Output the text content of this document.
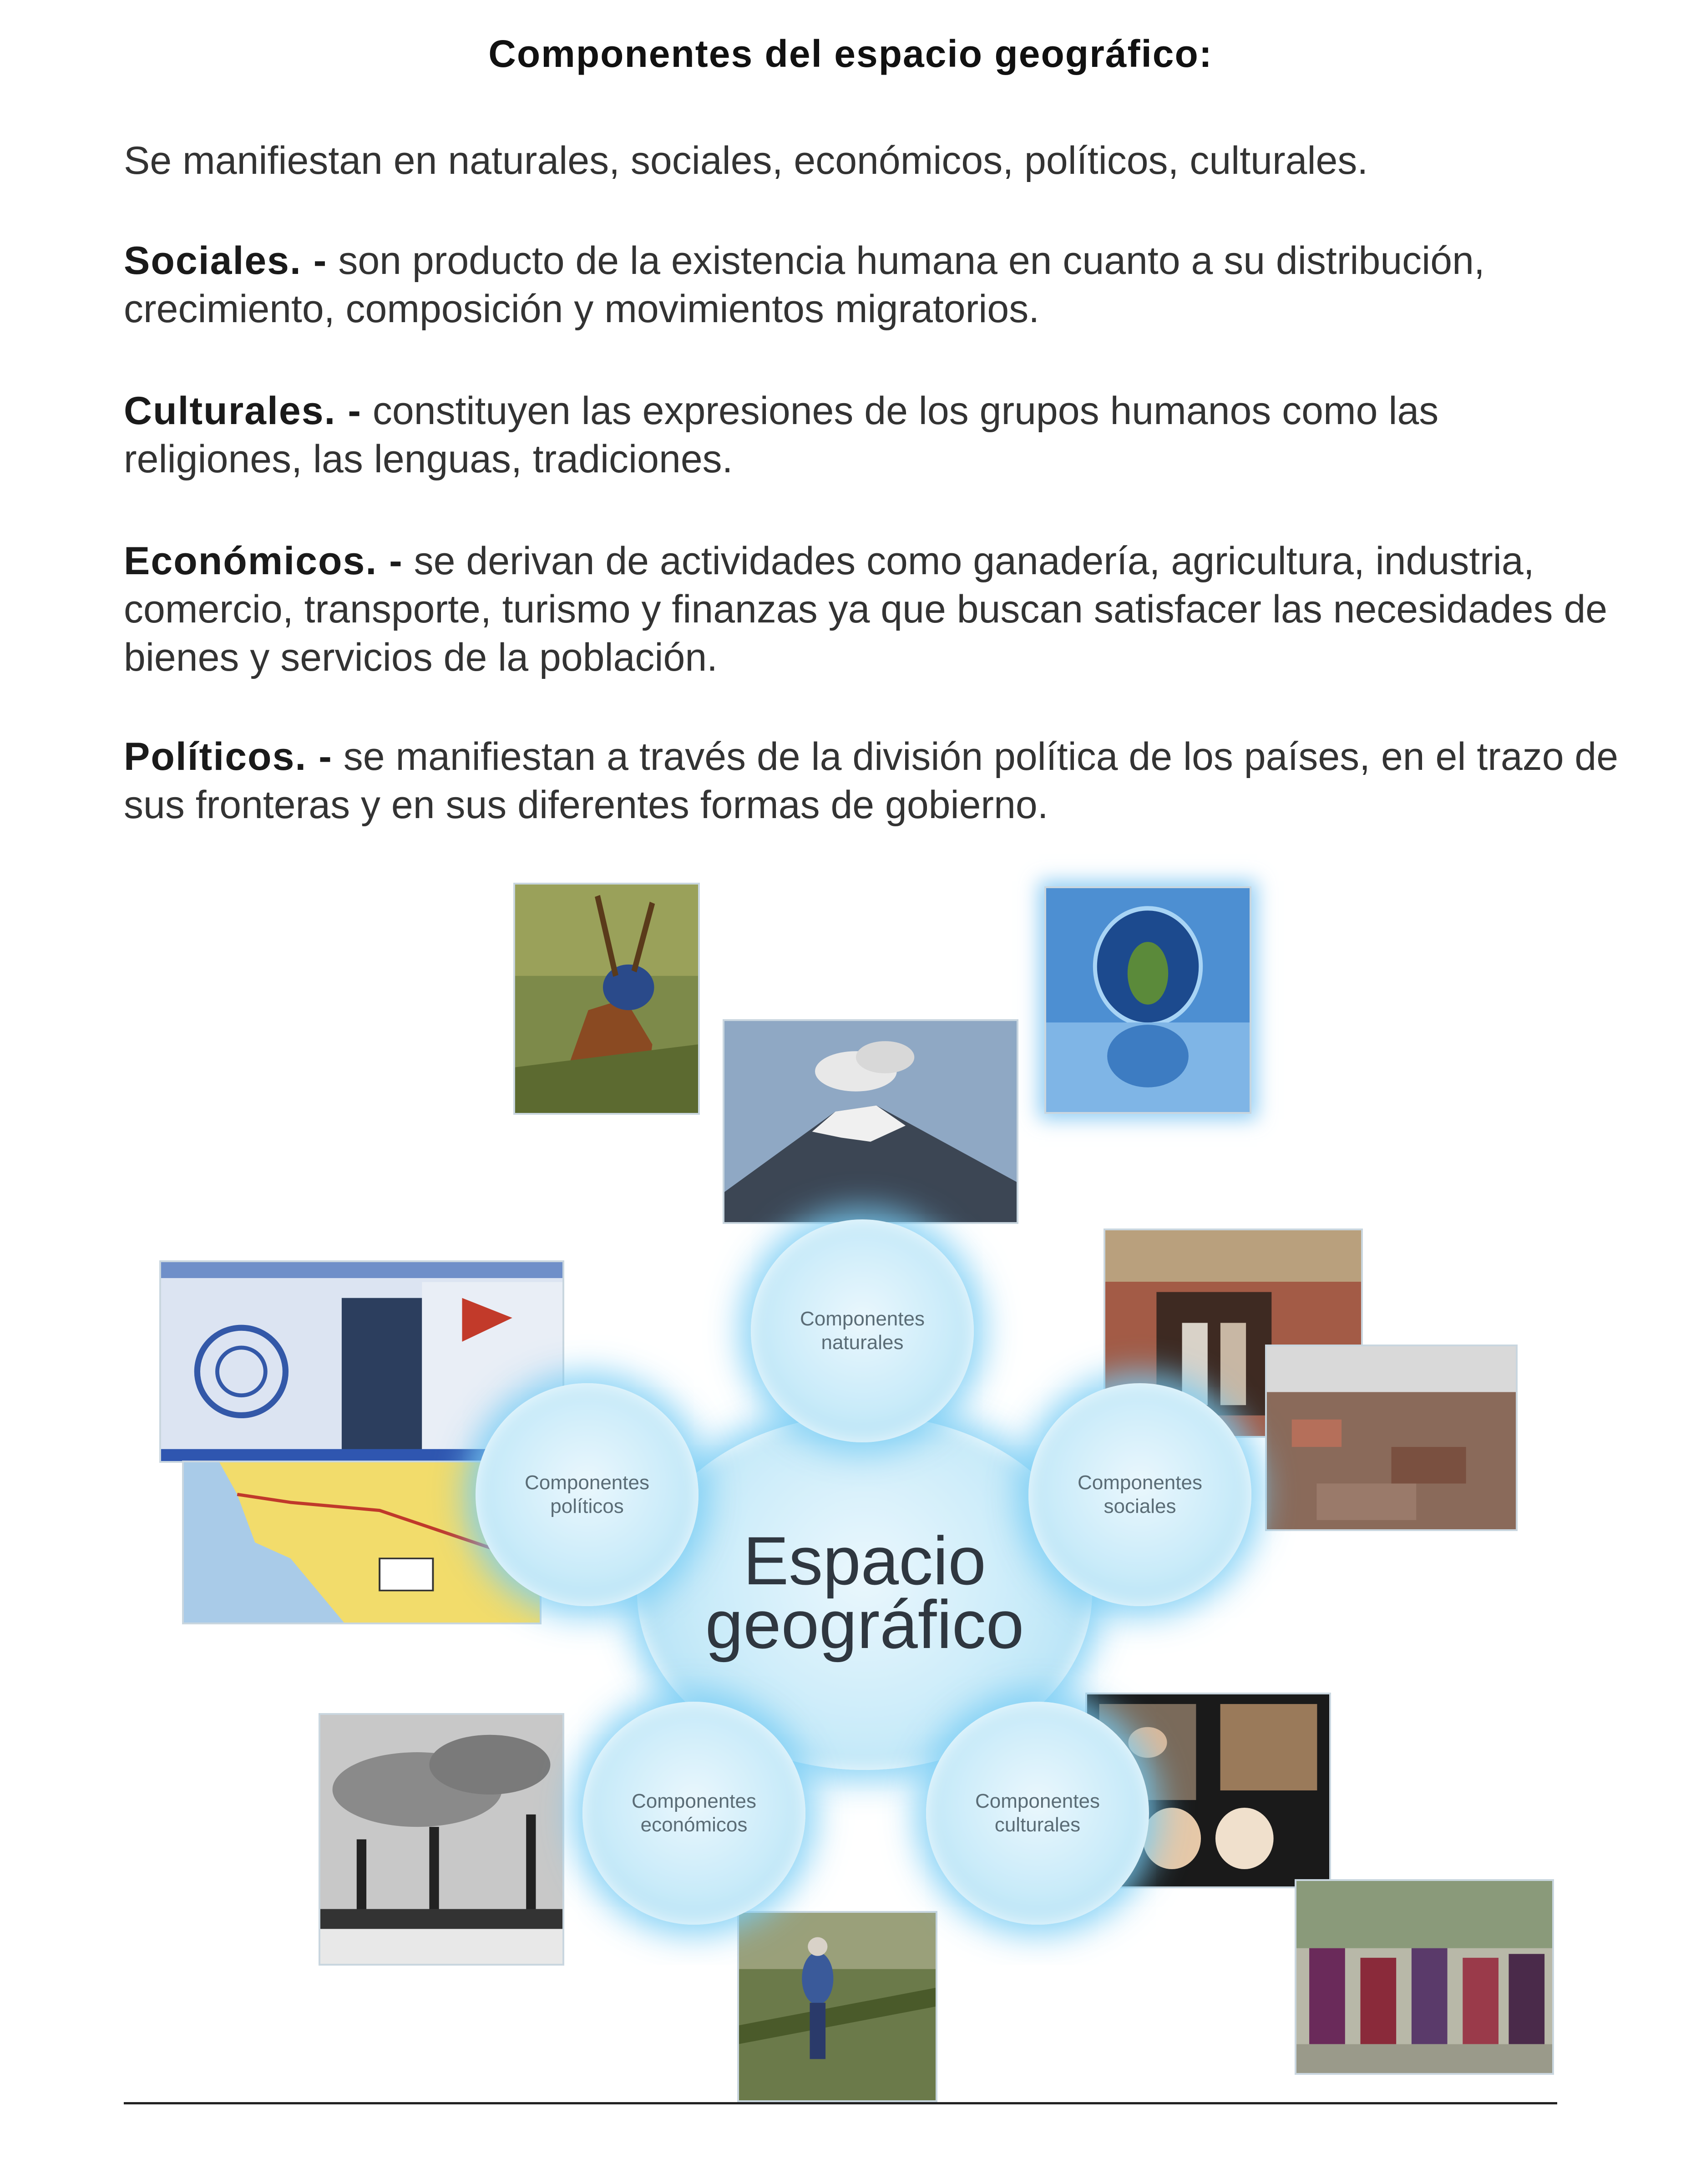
Componentes del espacio geográfico:
Se manifiestan en naturales, sociales, económicos, políticos, culturales.
Sociales. - son producto de la existencia humana en cuanto a su distribución, crecimiento, composición y movimientos migratorios.
Culturales. - constituyen las expresiones de los grupos humanos como las religiones, las lenguas, tradiciones.
Económicos. - se derivan de actividades como ganadería, agricultura, industria, comercio, transporte, turismo y finanzas ya que buscan satisfacer las necesidades de bienes y servicios de la población.
Políticos. - se manifiestan a través de la división política de los países, en el trazo de sus fronteras y en sus diferentes formas de gobierno.
Espacio
geográfico
Componentes
naturales
Componentes
políticos
Componentes
sociales
Componentes
económicos
Componentes
culturales
